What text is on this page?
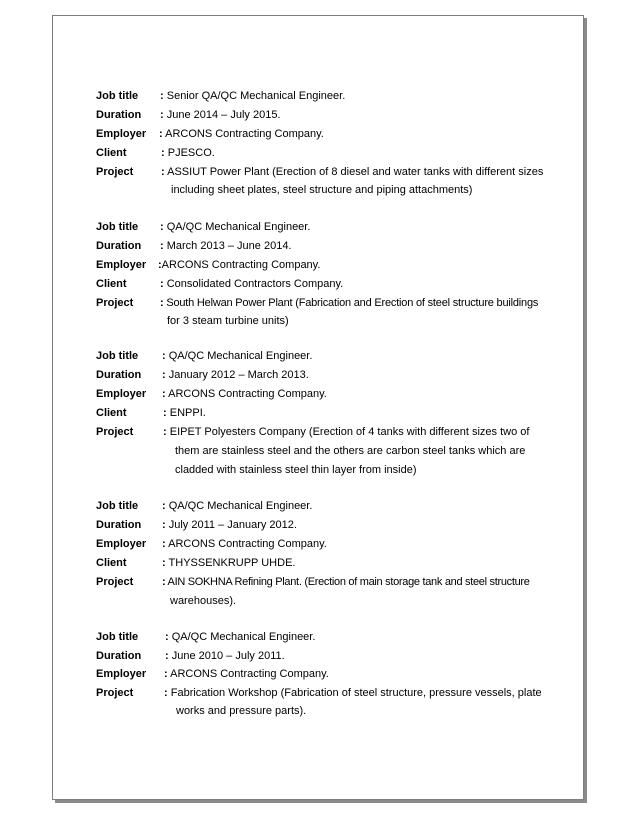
Job title : Senior QA/QC Mechanical Engineer.
Duration : June 2014 – July 2015.
Employer : ARCONS Contracting Company.
Client	: PJESCO.
Project	: ASSIUT Power Plant (Erection of 8 diesel and water tanks with different sizes
including sheet plates, steel structure and piping attachments)
Job title : QA/QC Mechanical Engineer.
Duration : March 2013 – June 2014.
Employer :ARCONS Contracting Company.
Client	: Consolidated Contractors Company.
Project : South Helwan Power Plant (Fabrication and Erection of steel structure buildings
for 3 steam turbine units)
Job title : QA/QC Mechanical Engineer.
Duration : January 2012 – March 2013.
Employer : ARCONS Contracting Company.
Client	: ENPPI.
Project	: EIPET Polyesters Company (Erection of 4 tanks with different sizes two of
them are stainless steel and the others are carbon steel tanks which are
cladded with stainless steel thin layer from inside)
Job title : QA/QC Mechanical Engineer.
Duration : July 2011 – January 2012.
Employer : ARCONS Contracting Company.
Client	: THYSSENKRUPP UHDE.
Project	: AIN SOKHNA Refining Plant. (Erection of main storage tank and steel structure
warehouses).
Job title : QA/QC Mechanical Engineer.
Duration : June 2010 – July 2011.
Employer : ARCONS Contracting Company.
Project	: Fabrication Workshop (Fabrication of steel structure, pressure vessels, plate
works and pressure parts).
